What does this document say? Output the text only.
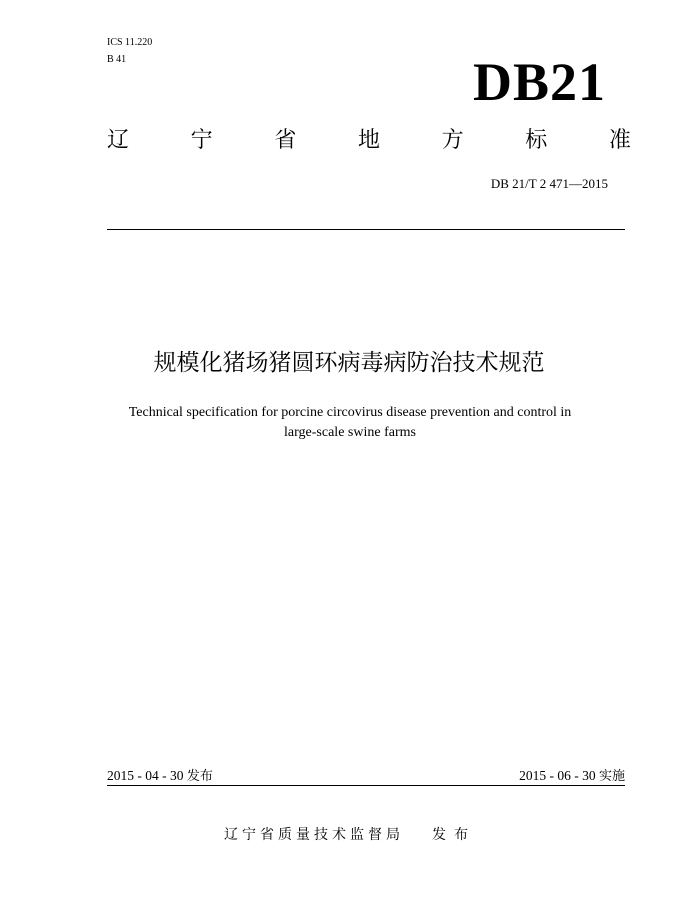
ICS 11.220
B 41	DB21
辽	宁	省	地	方	标	准
DB 21/T 2 471—2015
规模化猪场猪圆环病毒病防治技术规范
Technical specification for porcine circovirus disease prevention and control in
large-scale swine farms
2015 - 04 - 30 发布	2015 - 06 - 30 实施
辽宁省质量技术监督局 发布
